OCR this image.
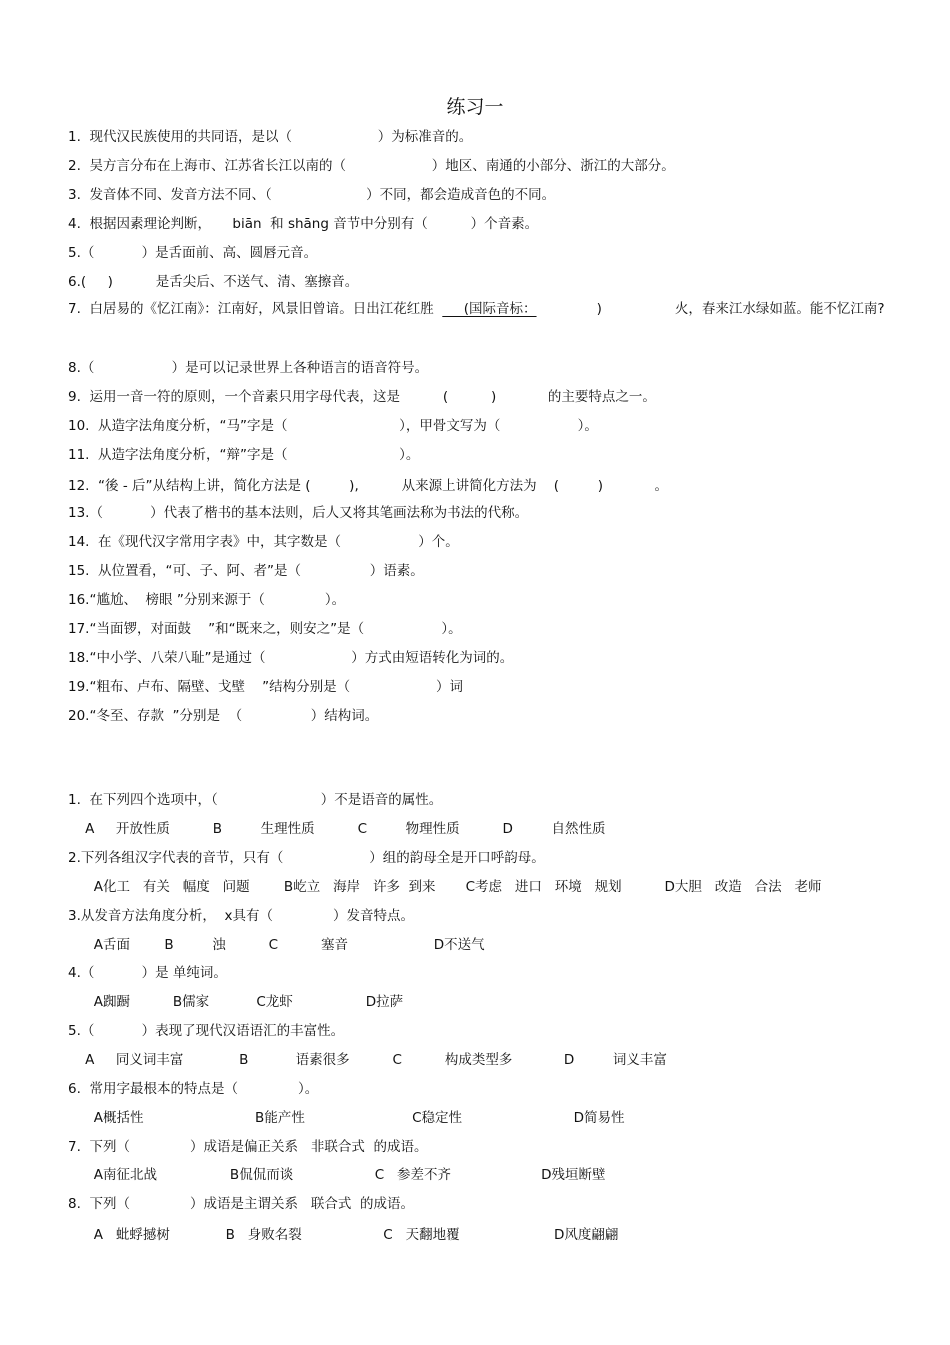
练习一
1.  现代汉民族使用的共同语，是以（                    ）为标准音的。
2.  吴方言分布在上海市、江苏省长江以南的（                    ）地区、南通的小部分、浙江的大部分。
3.  发音体不同、发音方法不同、（                      ）不同，都会造成音色的不同。
4.  根据因素理论判断，     biān  和 shāng 音节中分别有（          ）个音素。
5.（           ）是舌面前、高、圆唇元音。
6.(     )          是舌尖后、不送气、清、塞擦音。
7.  白居易的《忆江南》：江南好，风景旧曾谙。日出江花红胜       (国际音标：              )                 火，春来江水绿如蓝。能不忆江南?
8.（                  ）是可以记录世界上各种语言的语音符号。
9.  运用一音一符的原则，一个音素只用字母代表，这是          (          )            的主要特点之一。
10.  从造字法角度分析，“马”字是（                          ），甲骨文写为（                  ）。
11.  从造字法角度分析，“辩”字是（                          ）。
12.  “後 - 后”从结构上讲，简化方法是 (         ),          从来源上讲简化方法为    (         )            。
13.（           ）代表了楷书的基本法则，后人又将其笔画法称为书法的代称。
14.  在《现代汉字常用字表》中，其字数是（                  ）个。
15.  从位置看，“可、子、阿、者”是（                ）语素。
16.“尴尬、  榜眼 ”分别来源于（              ）。
17.“当面锣，对面鼓    ”和“既来之，则安之”是（                  ）。
18.“中小学、八荣八耻”是通过（                    ）方式由短语转化为词的。
19.“粗布、卢布、隔壁、戈壁    ”结构分别是（                    ）词
20.“冬至、存款  ”分别是  （                ）结构词。
1.  在下列四个选项中，（                        ）不是语音的属性。
A     开放性质          B         生理性质          C         物理性质          D         自然性质
2.下列各组汉字代表的音节，只有（                    ）组的韵母全是开口呼韵母。
A化工   有关   幅度   问题        B屹立   海岸   许多  到来       C考虑   进口   环境   规划          D大胆   改造   合法   老师
3.从发音方法角度分析，  x具有（              ）发音特点。
A舌面        B         浊          C          塞音                    D不送气
4.（           ）是 单纯词。
A踟蹰          B儒家           C龙虾                 D拉萨
5.（           ）表现了现代汉语语汇的丰富性。
A     同义词丰富             B           语素很多          C          构成类型多            D         词义丰富
6.  常用字最根本的特点是（              ）。
A概括性                          B能产性                         C稳定性                          D简易性
7.  下列（              ）成语是偏正关系   非联合式  的成语。
A南征北战                 B侃侃而谈                   C   参差不齐                     D残垣断壁
8.  下列（              ）成语是主谓关系   联合式  的成语。
A   蚍蜉撼树             B   身败名裂                   C   天翻地覆                      D风度翩翩
